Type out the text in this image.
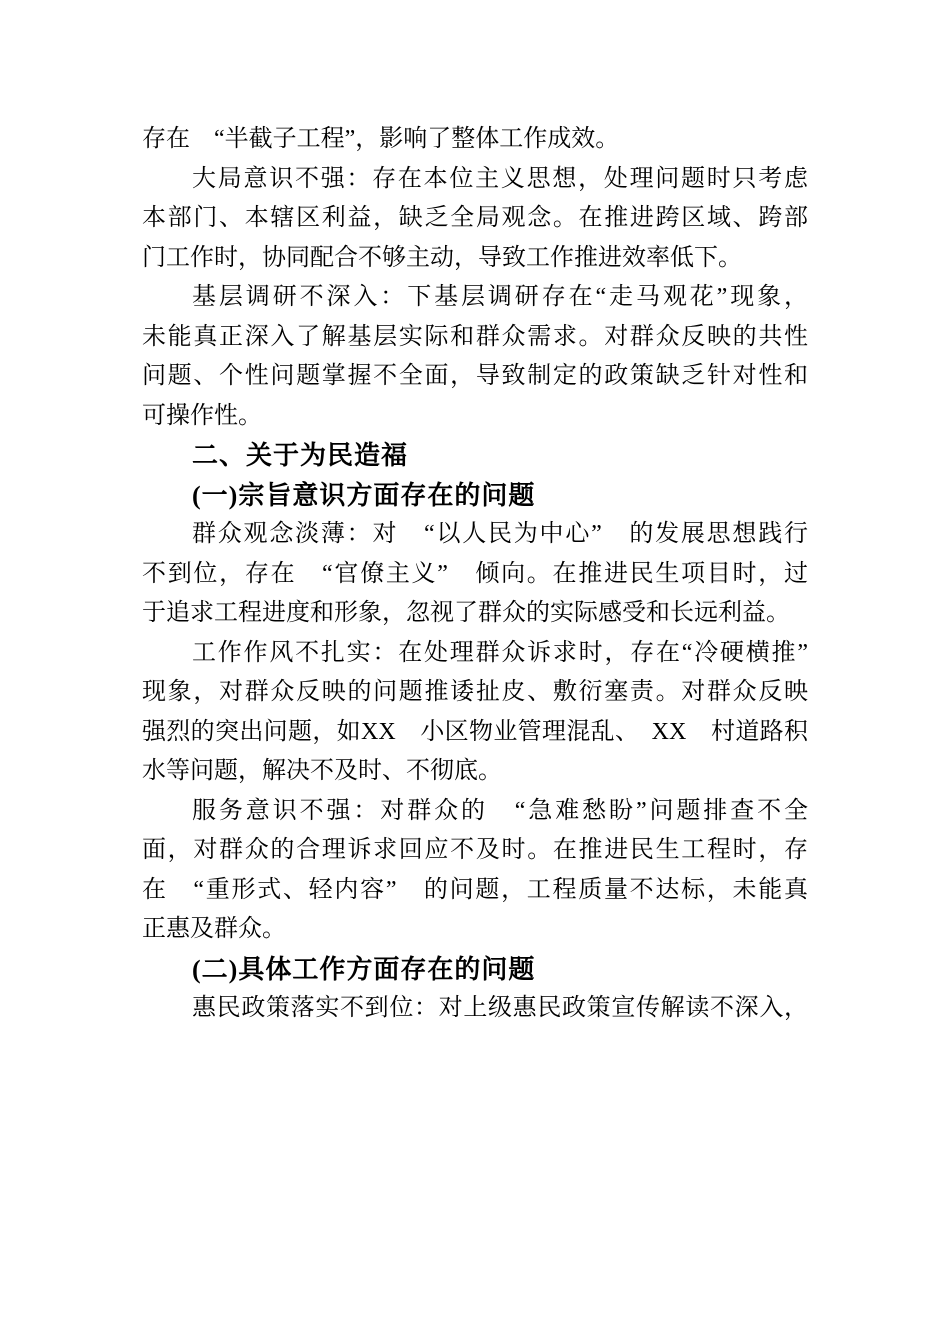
存在　“半截子工程”，影响了整体工作成效。
大局意识不强：存在本位主义思想，处理问题时只考虑
本部门、本辖区利益，缺乏全局观念。在推进跨区域、跨部
门工作时，协同配合不够主动，导致工作推进效率低下。
基层调研不深入：下基层调研存在“走马观花”现象，
未能真正深入了解基层实际和群众需求。对群众反映的共性
问题、个性问题掌握不全面，导致制定的政策缺乏针对性和
可操作性。
二、关于为民造福
(一)宗旨意识方面存在的问题
群众观念淡薄：对　“以人民为中心”　的发展思想践行
不到位，存在　“官僚主义”　倾向。在推进民生项目时，过
于追求工程进度和形象，忽视了群众的实际感受和长远利益。
工作作风不扎实：在处理群众诉求时，存在“冷硬横推”
现象，对群众反映的问题推诿扯皮、敷衍塞责。对群众反映
强烈的突出问题，如XX　小区物业管理混乱、　XX　村道路积
水等问题，解决不及时、不彻底。
服务意识不强：对群众的　“急难愁盼”问题排查不全
面，对群众的合理诉求回应不及时。在推进民生工程时，存
在　“重形式、轻内容”　的问题，工程质量不达标，未能真
正惠及群众。
(二)具体工作方面存在的问题
惠民政策落实不到位：对上级惠民政策宣传解读不深入，
